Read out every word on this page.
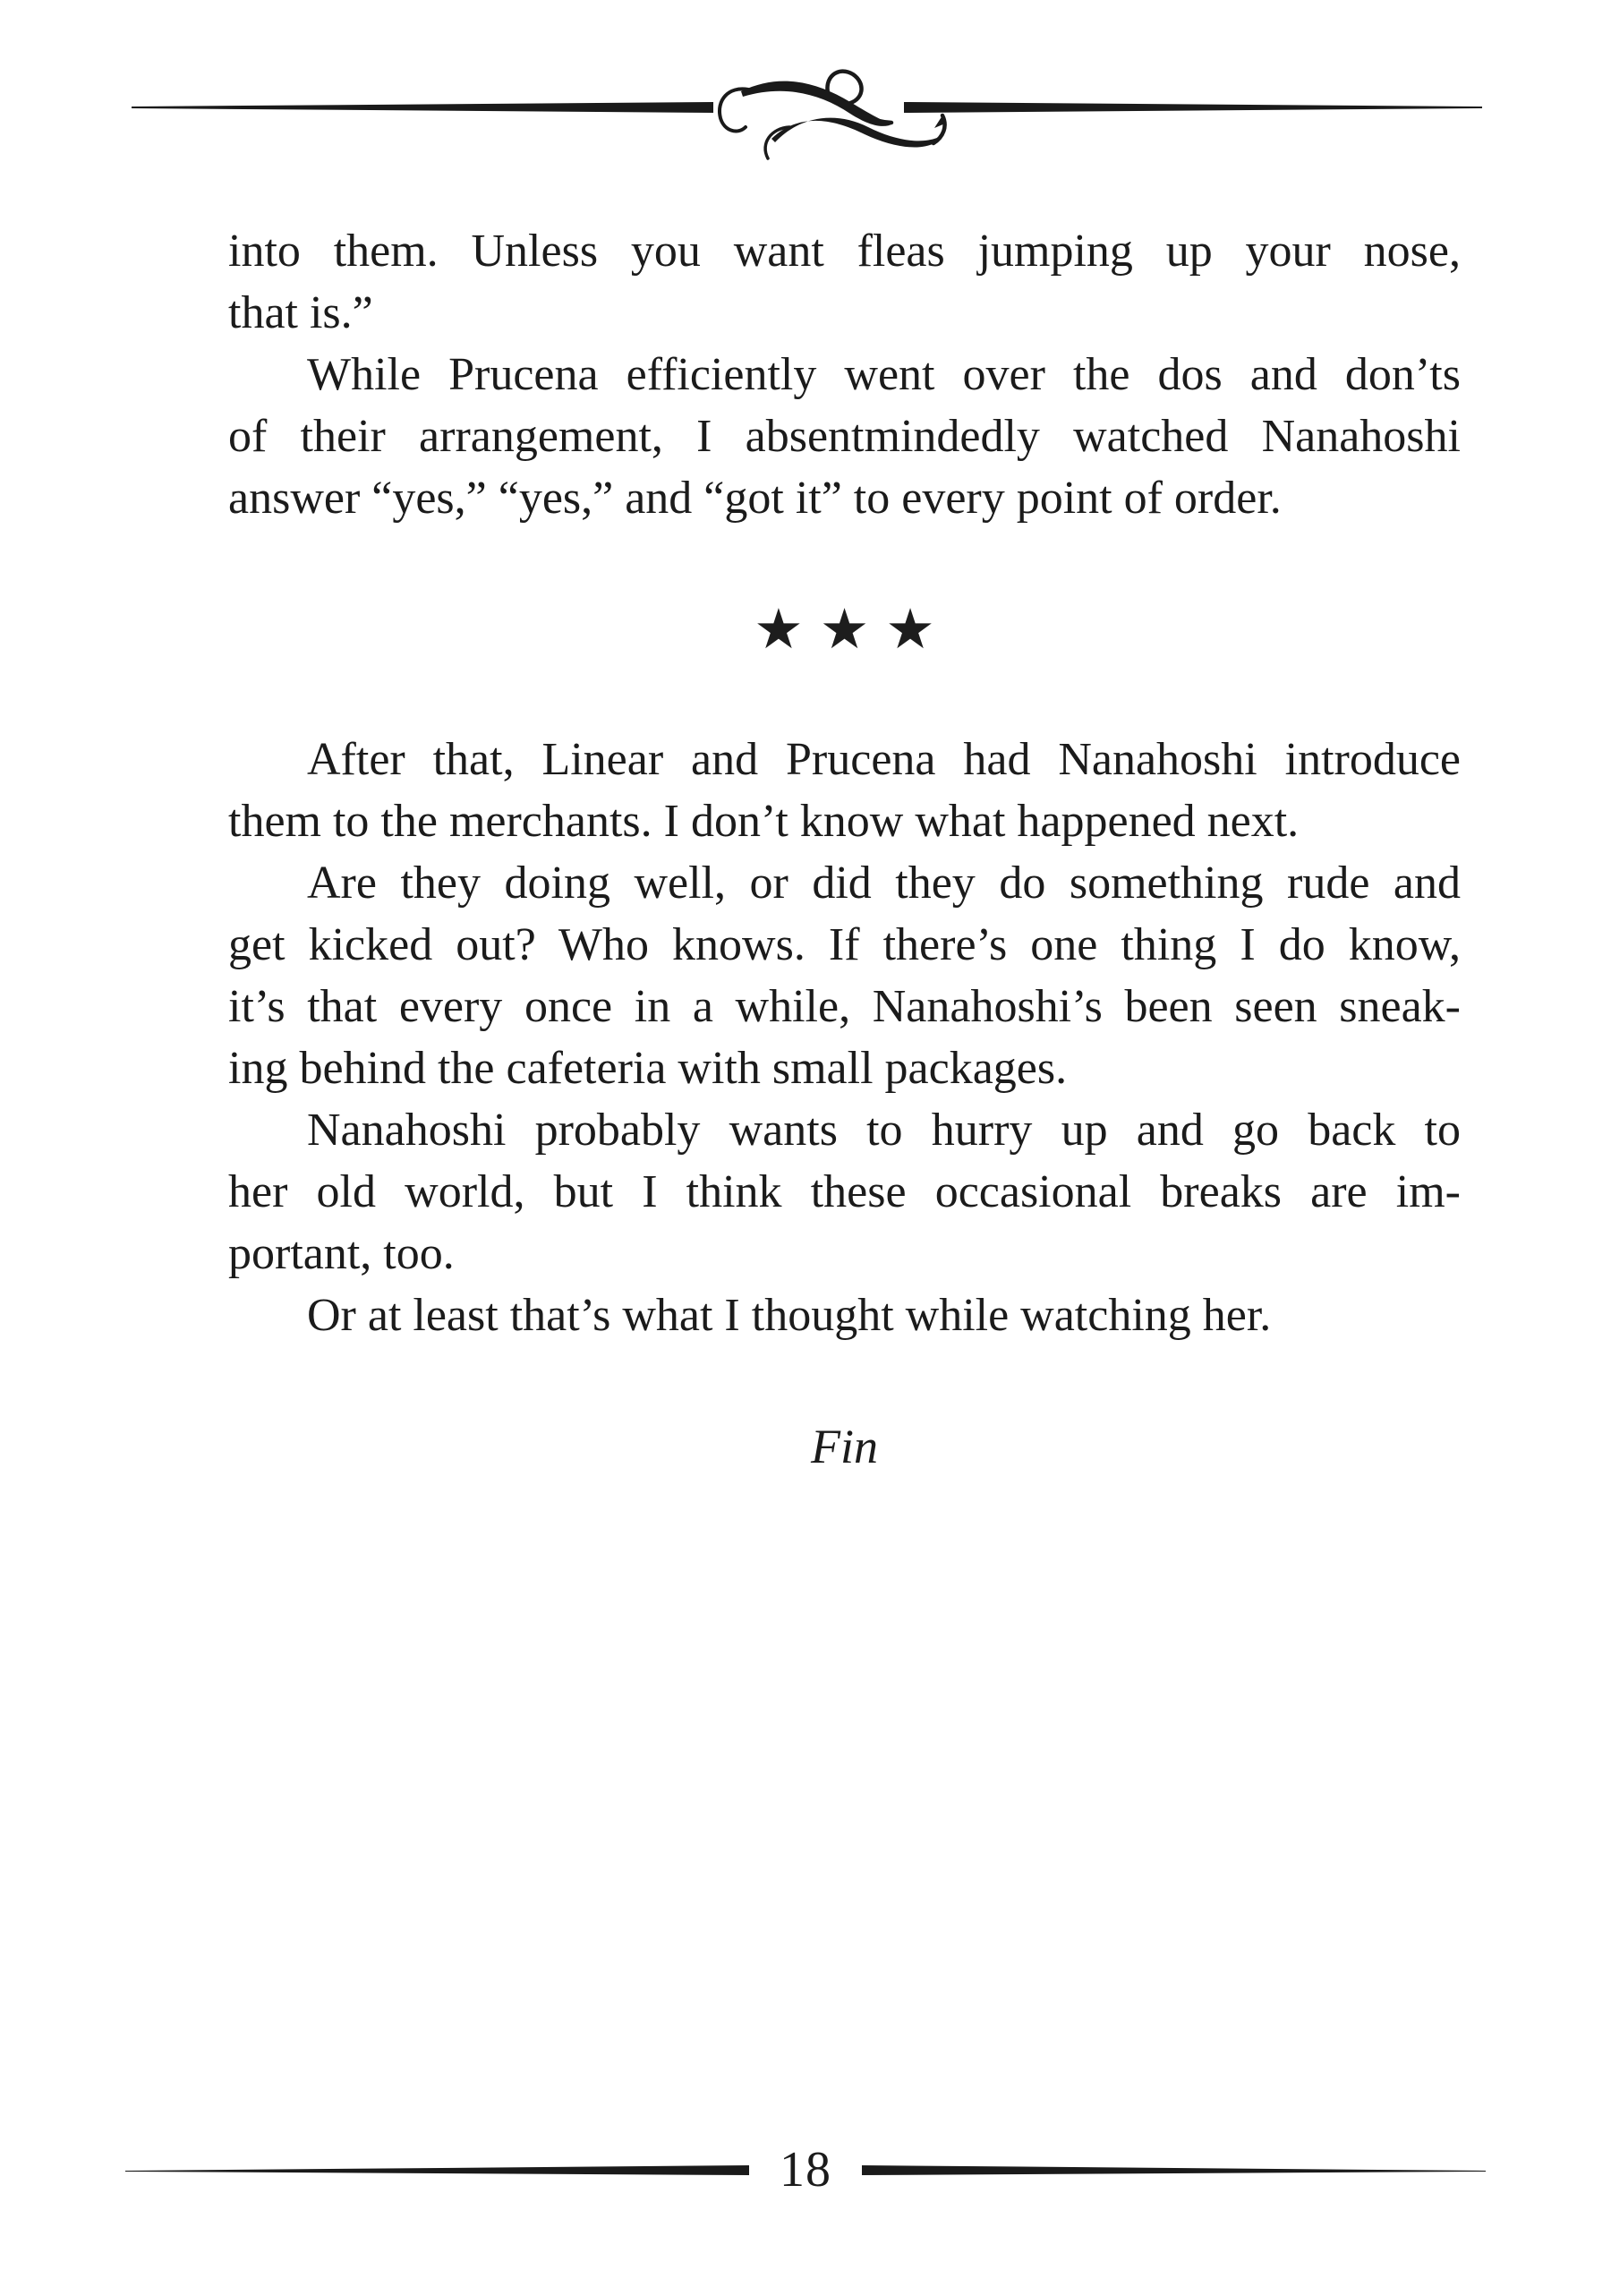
into them. Unless you want fleas jumping up your nose,
that is.”
While Prucena efficiently went over the dos and don’ts
of their arrangement, I absentmindedly watched Nanahoshi
answer “yes,” “yes,” and “got it” to every point of order.
★ ★ ★
After that, Linear and Prucena had Nanahoshi introduce
them to the merchants. I don’t know what happened next.
Are they doing well, or did they do something rude and
get kicked out? Who knows. If there’s one thing I do know,
it’s that every once in a while, Nanahoshi’s been seen sneak-
ing behind the cafeteria with small packages.
Nanahoshi probably wants to hurry up and go back to
her old world, but I think these occasional breaks are im-
portant, too.
Or at least that’s what I thought while watching her.
Fin
18
